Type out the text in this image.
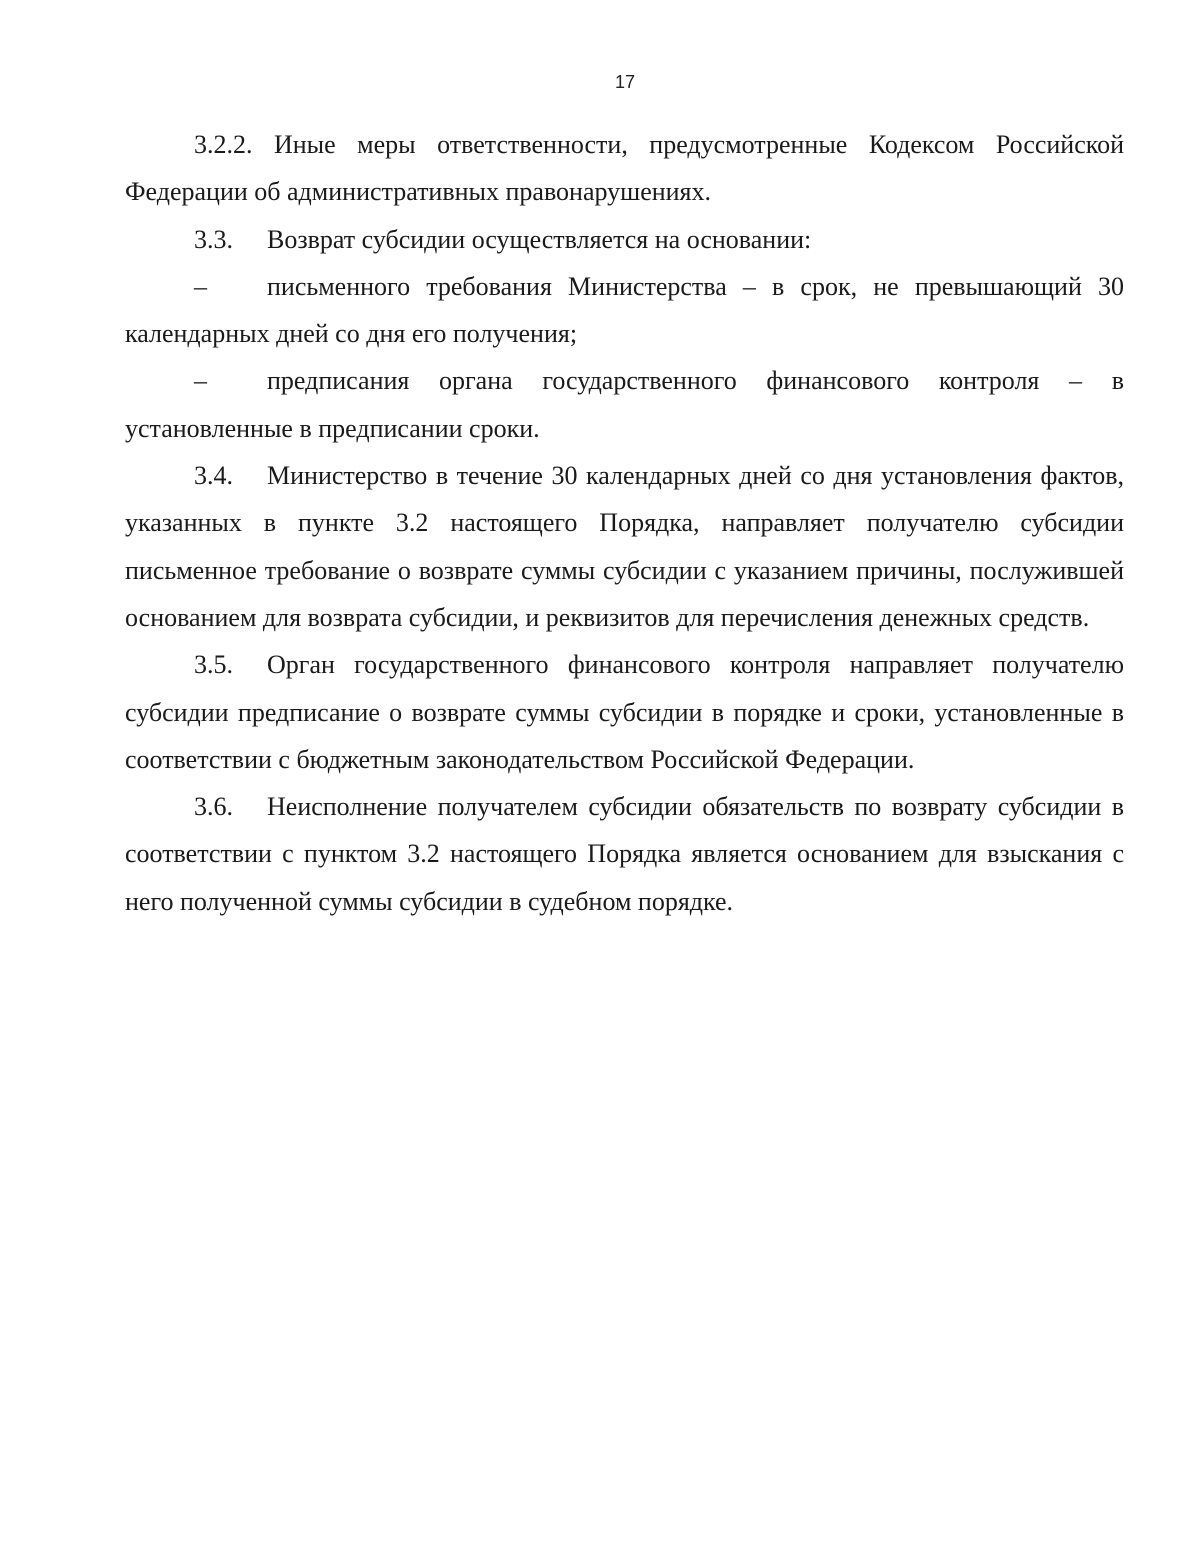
17

3.2.2. Иные меры ответственности, предусмотренные Кодексом Российской Федерации об административных правонарушениях.

3.3. Возврат субсидии осуществляется на основании:

– письменного требования Министерства – в срок, не превышающий 30 календарных дней со дня его получения;

– предписания органа государственного финансового контроля – в установленные в предписании сроки.

3.4. Министерство в течение 30 календарных дней со дня установления фактов, указанных в пункте 3.2 настоящего Порядка, направляет получателю субсидии письменное требование о возврате суммы субсидии с указанием причины, послужившей основанием для возврата субсидии, и реквизитов для перечисления денежных средств.

3.5. Орган государственного финансового контроля направляет получателю субсидии предписание о возврате суммы субсидии в порядке и сроки, установленные в соответствии с бюджетным законодательством Российской Федерации.

3.6. Неисполнение получателем субсидии обязательств по возврату субсидии в соответствии с пунктом 3.2 настоящего Порядка является основанием для взыскания с него полученной суммы субсидии в судебном порядке.
